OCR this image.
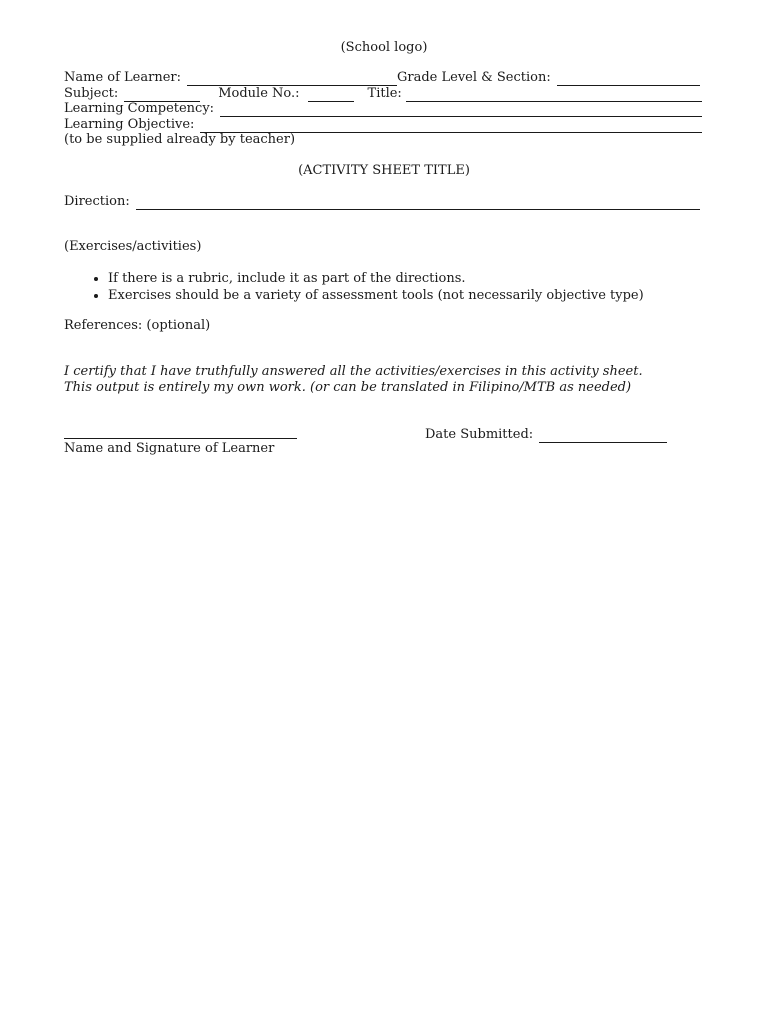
(School logo)
Name of Learner:	Grade Level & Section:
Subject:	Module No.:	Title:
Learning Competency:
Learning Objective:
(to be supplied already by teacher)
(ACTIVITY SHEET TITLE)
Direction:
(Exercises/activities)
• If there is a rubric, include it as part of the directions.
• Exercises should be a variety of assessment tools (not necessarily objective type)
References: (optional)
I certify that I have truthfully answered all the activities/exercises in this activity sheet.
This output is entirely my own work. (or can be translated in Filipino/MTB as needed)
Date Submitted:
Name and Signature of Learner
